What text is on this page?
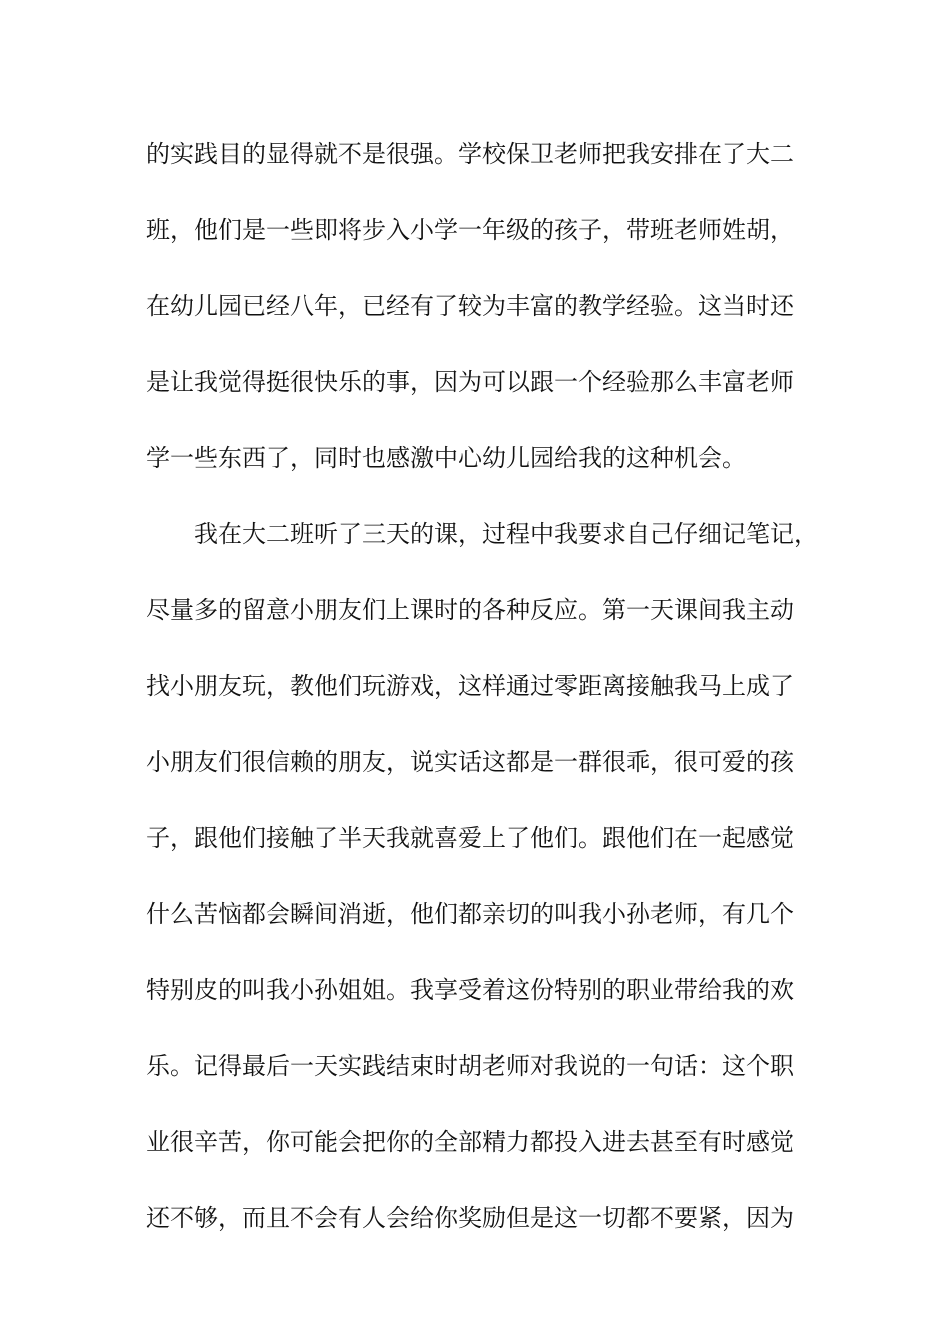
的实践目的显得就不是很强。学校保卫老师把我安排在了大二
班，他们是一些即将步入小学一年级的孩子，带班老师姓胡，
在幼儿园已经八年，已经有了较为丰富的教学经验。这当时还
是让我觉得挺很快乐的事，因为可以跟一个经验那么丰富老师
学一些东西了，同时也感激中心幼儿园给我的这种机会。
我在大二班听了三天的课，过程中我要求自己仔细记笔记，
尽量多的留意小朋友们上课时的各种反应。第一天课间我主动
找小朋友玩，教他们玩游戏，这样通过零距离接触我马上成了
小朋友们很信赖的朋友，说实话这都是一群很乖，很可爱的孩
子，跟他们接触了半天我就喜爱上了他们。跟他们在一起感觉
什么苦恼都会瞬间消逝，他们都亲切的叫我小孙老师，有几个
特别皮的叫我小孙姐姐。我享受着这份特别的职业带给我的欢
乐。记得最后一天实践结束时胡老师对我说的一句话：这个职
业很辛苦，你可能会把你的全部精力都投入进去甚至有时感觉
还不够，而且不会有人会给你奖励但是这一切都不要紧，因为
